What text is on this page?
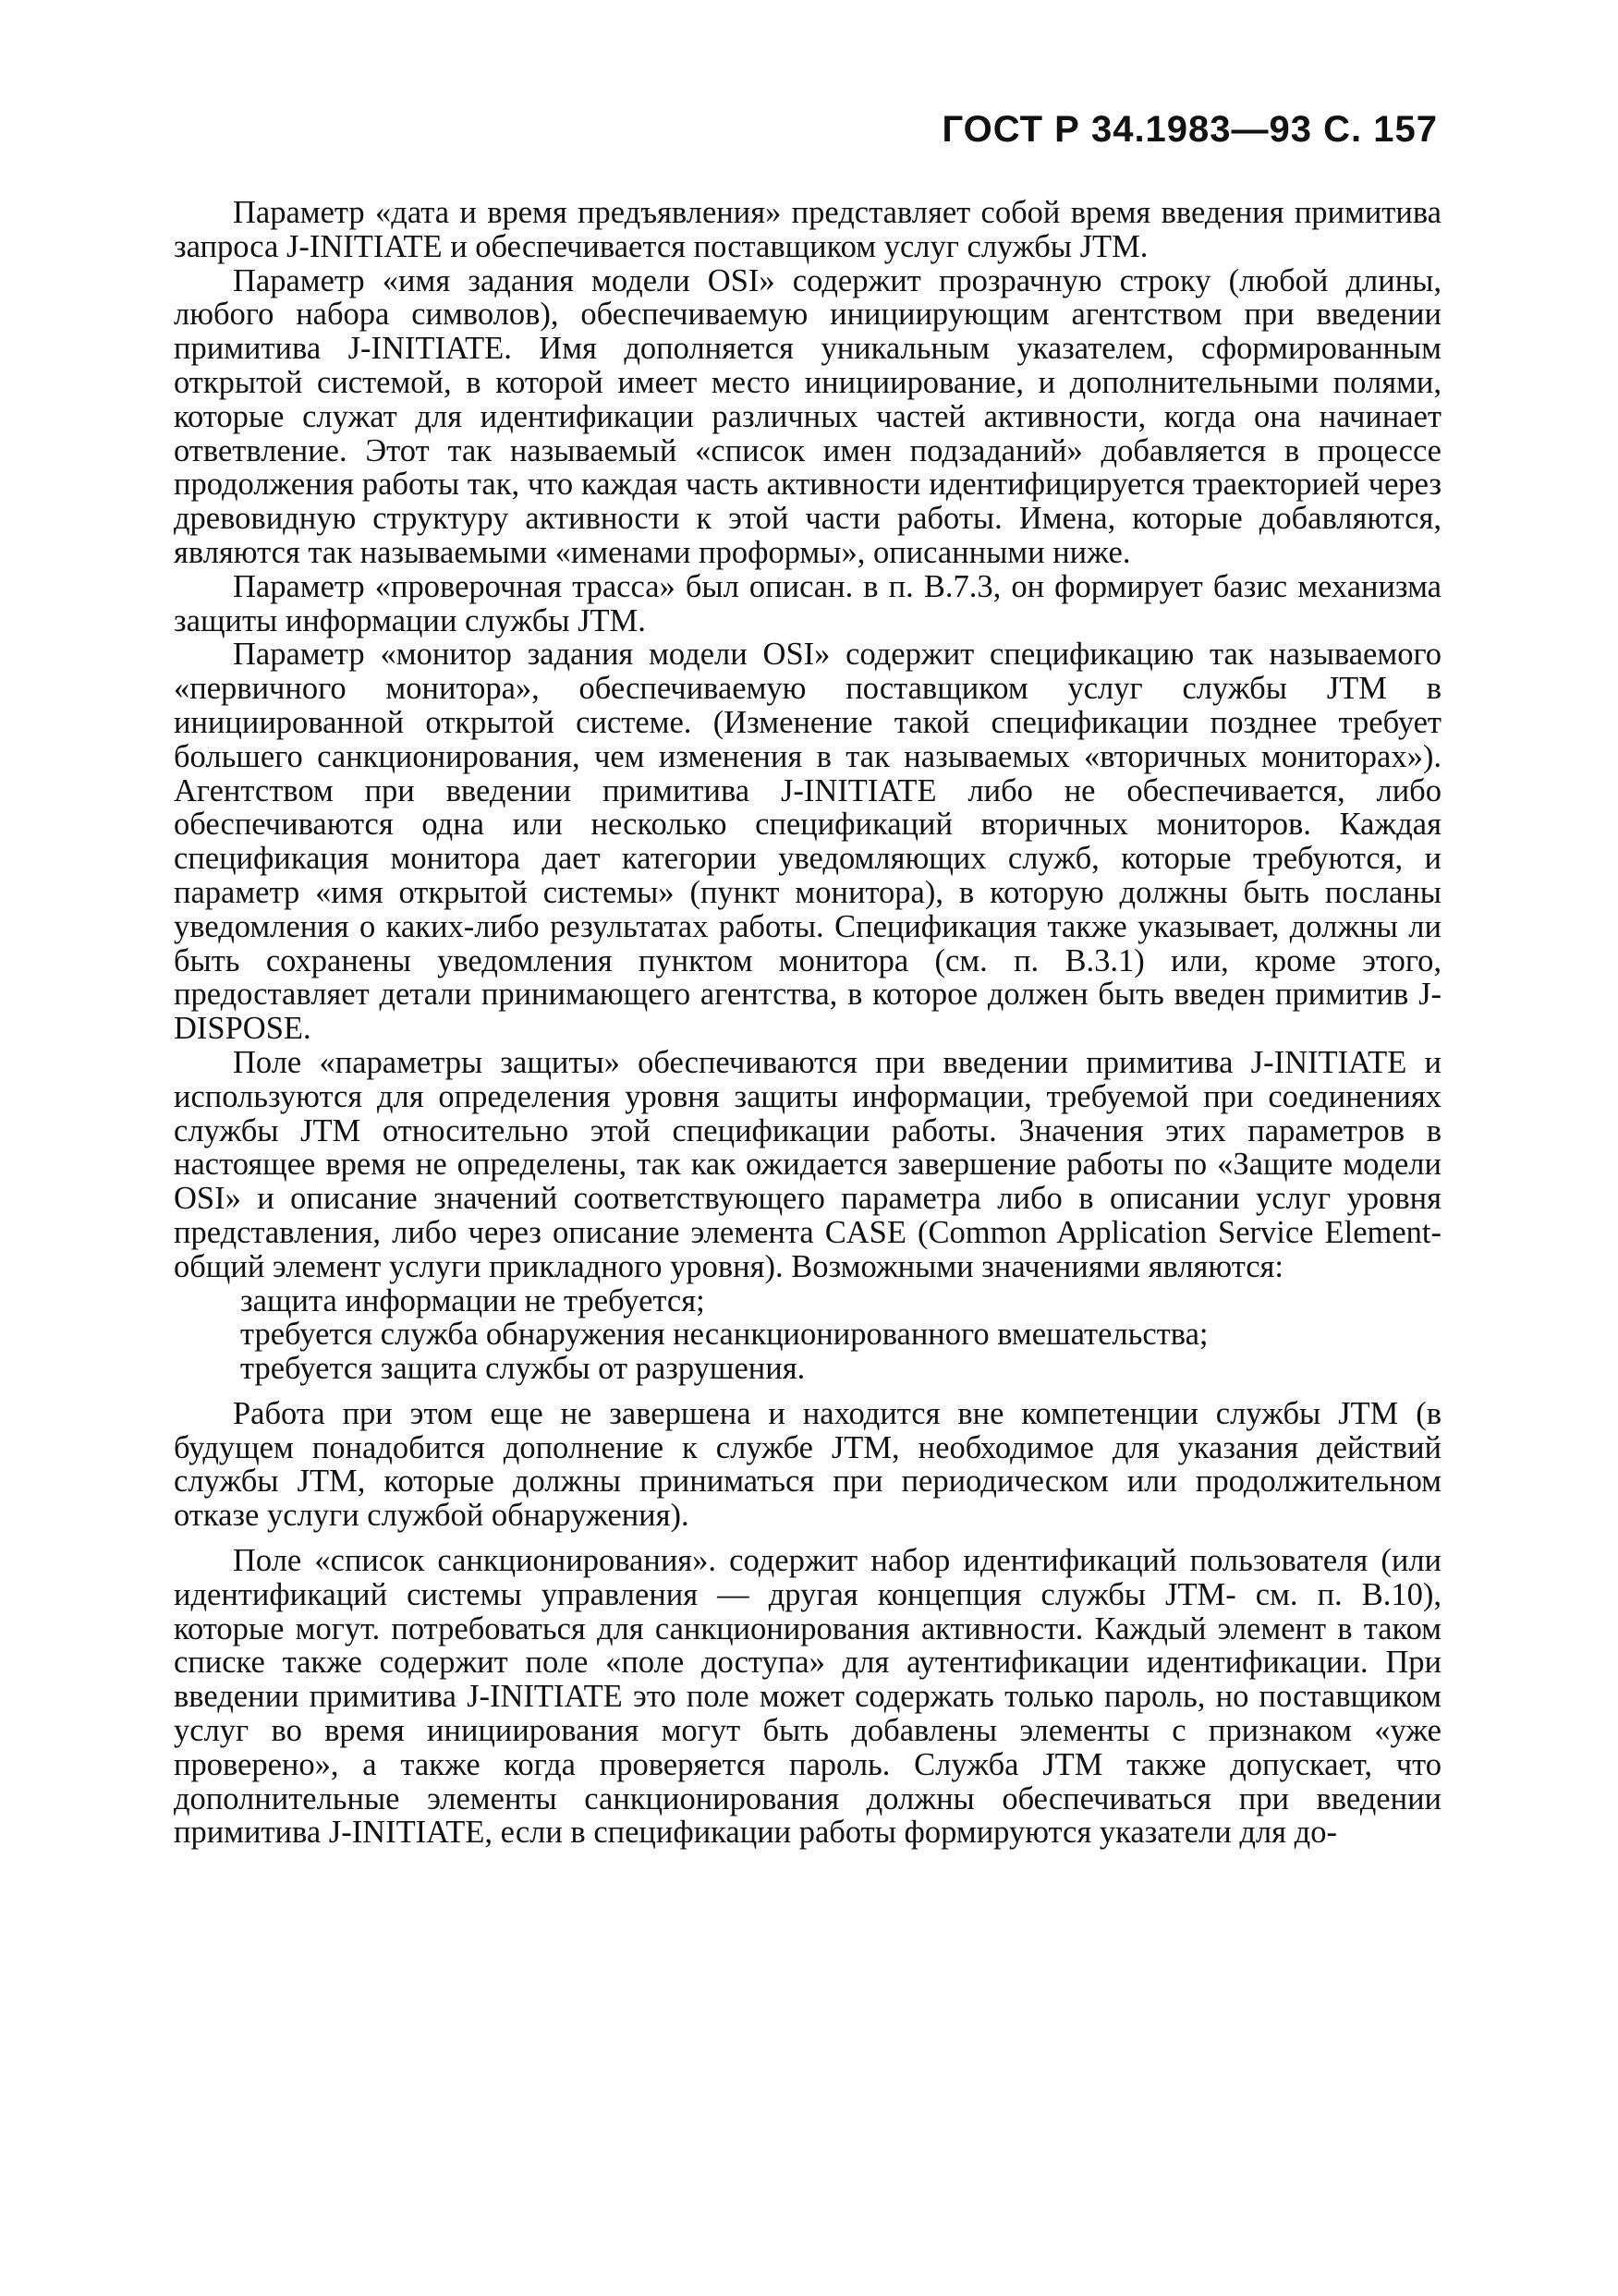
ГОСТ Р 34.1983—93 С. 157

Параметр «дата и время предъявления» представляет собой время введения примитива запроса J-INITIATE и обеспечивается поставщиком услуг службы JTM.

Параметр «имя задания модели OSI» содержит прозрачную строку (любой длины, любого набора символов), обеспечиваемую инициирующим агентством при введении примитива J-INITIATE. Имя дополняется уникальным указателем, сформированным открытой системой, в которой имеет место инициирование, и дополнительными полями, которые служат для идентификации различных частей активности, когда она начинает ответвление. Этот так называемый «список имен подзаданий» добавляется в процессе продолжения работы так, что каждая часть активности идентифицируется траекторией через древовидную структуру активности к этой части работы. Имена, которые добавляются, являются так называемыми «именами проформы», описанными ниже.

Параметр «проверочная трасса» был описан. в п. В.7.3, он формирует базис механизма защиты информации службы JTM.

Параметр «монитор задания модели OSI» содержит спецификацию так называемого «первичного монитора», обеспечиваемую поставщиком услуг службы JTM в инициированной открытой системе. (Изменение такой спецификации позднее требует большего санкционирования, чем изменения в так называемых «вторичных мониторах»). Агентством при введении примитива J-INITIATE либо не обеспечивается, либо обеспечиваются одна или несколько спецификаций вторичных мониторов. Каждая спецификация монитора дает категории уведомляющих служб, которые требуются, и параметр «имя открытой системы» (пункт монитора), в которую должны быть посланы уведомления о каких-либо результатах работы. Спецификация также указывает, должны ли быть сохранены уведомления пунктом монитора (см. п. В.3.1) или, кроме этого, предоставляет детали принимающего агентства, в которое должен быть введен примитив J-DISPOSE.

Поле «параметры защиты» обеспечиваются при введении примитива J-INITIATE и используются для определения уровня защиты информации, требуемой при соединениях службы JTM относительно этой спецификации работы. Значения этих параметров в настоящее время не определены, так как ожидается завершение работы по «Защите модели OSI» и описание значений соответствующего параметра либо в описании услуг уровня представления, либо через описание элемента CASE (Common Application Service Element-общий элемент услуги прикладного уровня). Возможными значениями являются:

защита информации не требуется;
требуется служба обнаружения несанкционированного вмешательства;
требуется защита службы от разрушения.

Работа при этом еще не завершена и находится вне компетенции службы JTM (в будущем понадобится дополнение к службе JTM, необходимое для указания действий службы JTM, которые должны приниматься при периодическом или продолжительном отказе услуги службой обнаружения).

Поле «список санкционирования». содержит набор идентификаций пользователя (или идентификаций системы управления — другая концепция службы JTM- см. п. В.10), которые могут. потребоваться для санкционирования активности. Каждый элемент в таком списке также содержит поле «поле доступа» для аутентификации идентификации. При введении примитива J-INITIATE это поле может содержать только пароль, но поставщиком услуг во время инициирования могут быть добавлены элементы с признаком «уже проверено», а также когда проверяется пароль. Служба JTM также допускает, что дополнительные элементы санкционирования должны обеспечиваться при введении примитива J-INITIATE, если в спецификации работы формируются указатели для до-
